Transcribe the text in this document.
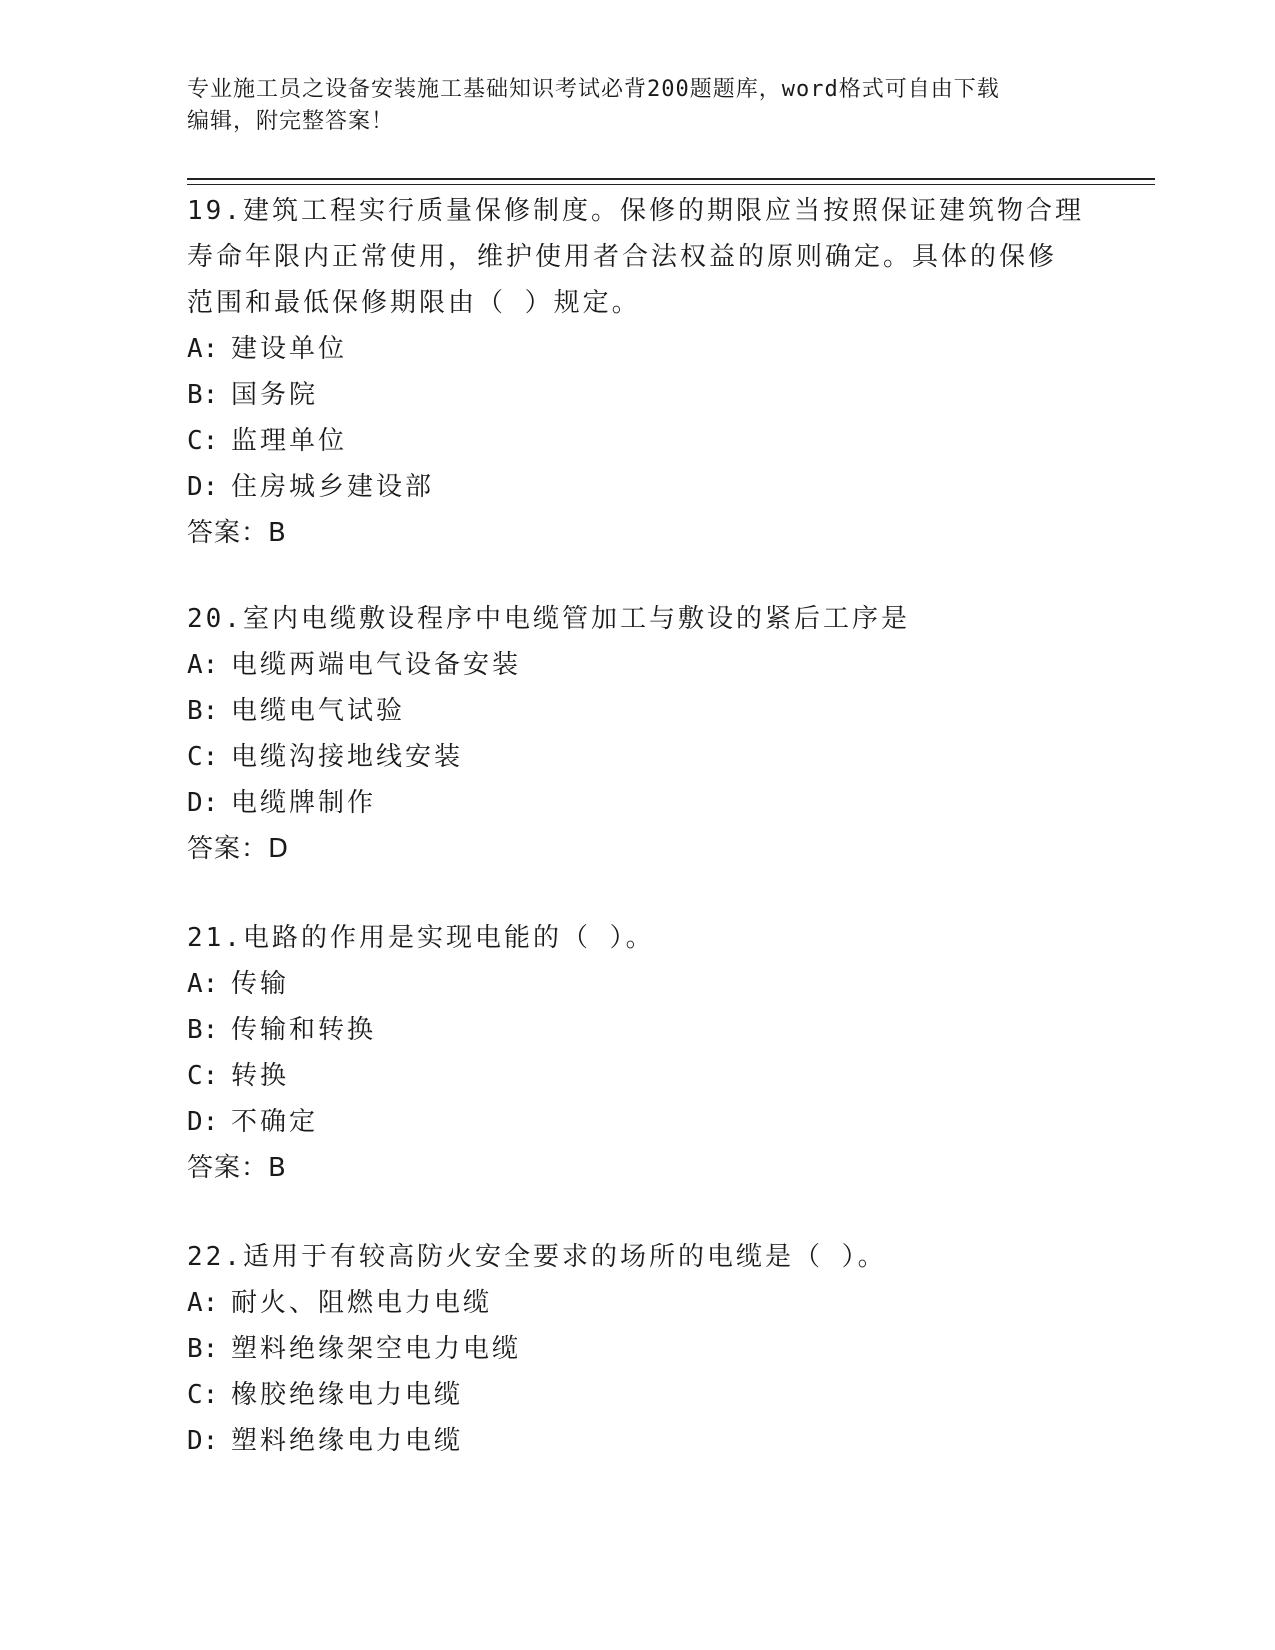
专业施工员之设备安装施工基础知识考试必背200题题库，word格式可自由下载
编辑，附完整答案！
19.建筑工程实行质量保修制度。保修的期限应当按照保证建筑物合理
寿命年限内正常使用，维护使用者合法权益的原则确定。具体的保修
范围和最低保修期限由（ ）规定。
A: 建设单位
B: 国务院
C: 监理单位
D: 住房城乡建设部
答案：B
20.室内电缆敷设程序中电缆管加工与敷设的紧后工序是
A: 电缆两端电气设备安装
B: 电缆电气试验
C: 电缆沟接地线安装
D: 电缆牌制作
答案：D
21.电路的作用是实现电能的（ ）。
A: 传输
B: 传输和转换
C: 转换
D: 不确定
答案：B
22.适用于有较高防火安全要求的场所的电缆是（ ）。
A: 耐火、阻燃电力电缆
B: 塑料绝缘架空电力电缆
C: 橡胶绝缘电力电缆
D: 塑料绝缘电力电缆
